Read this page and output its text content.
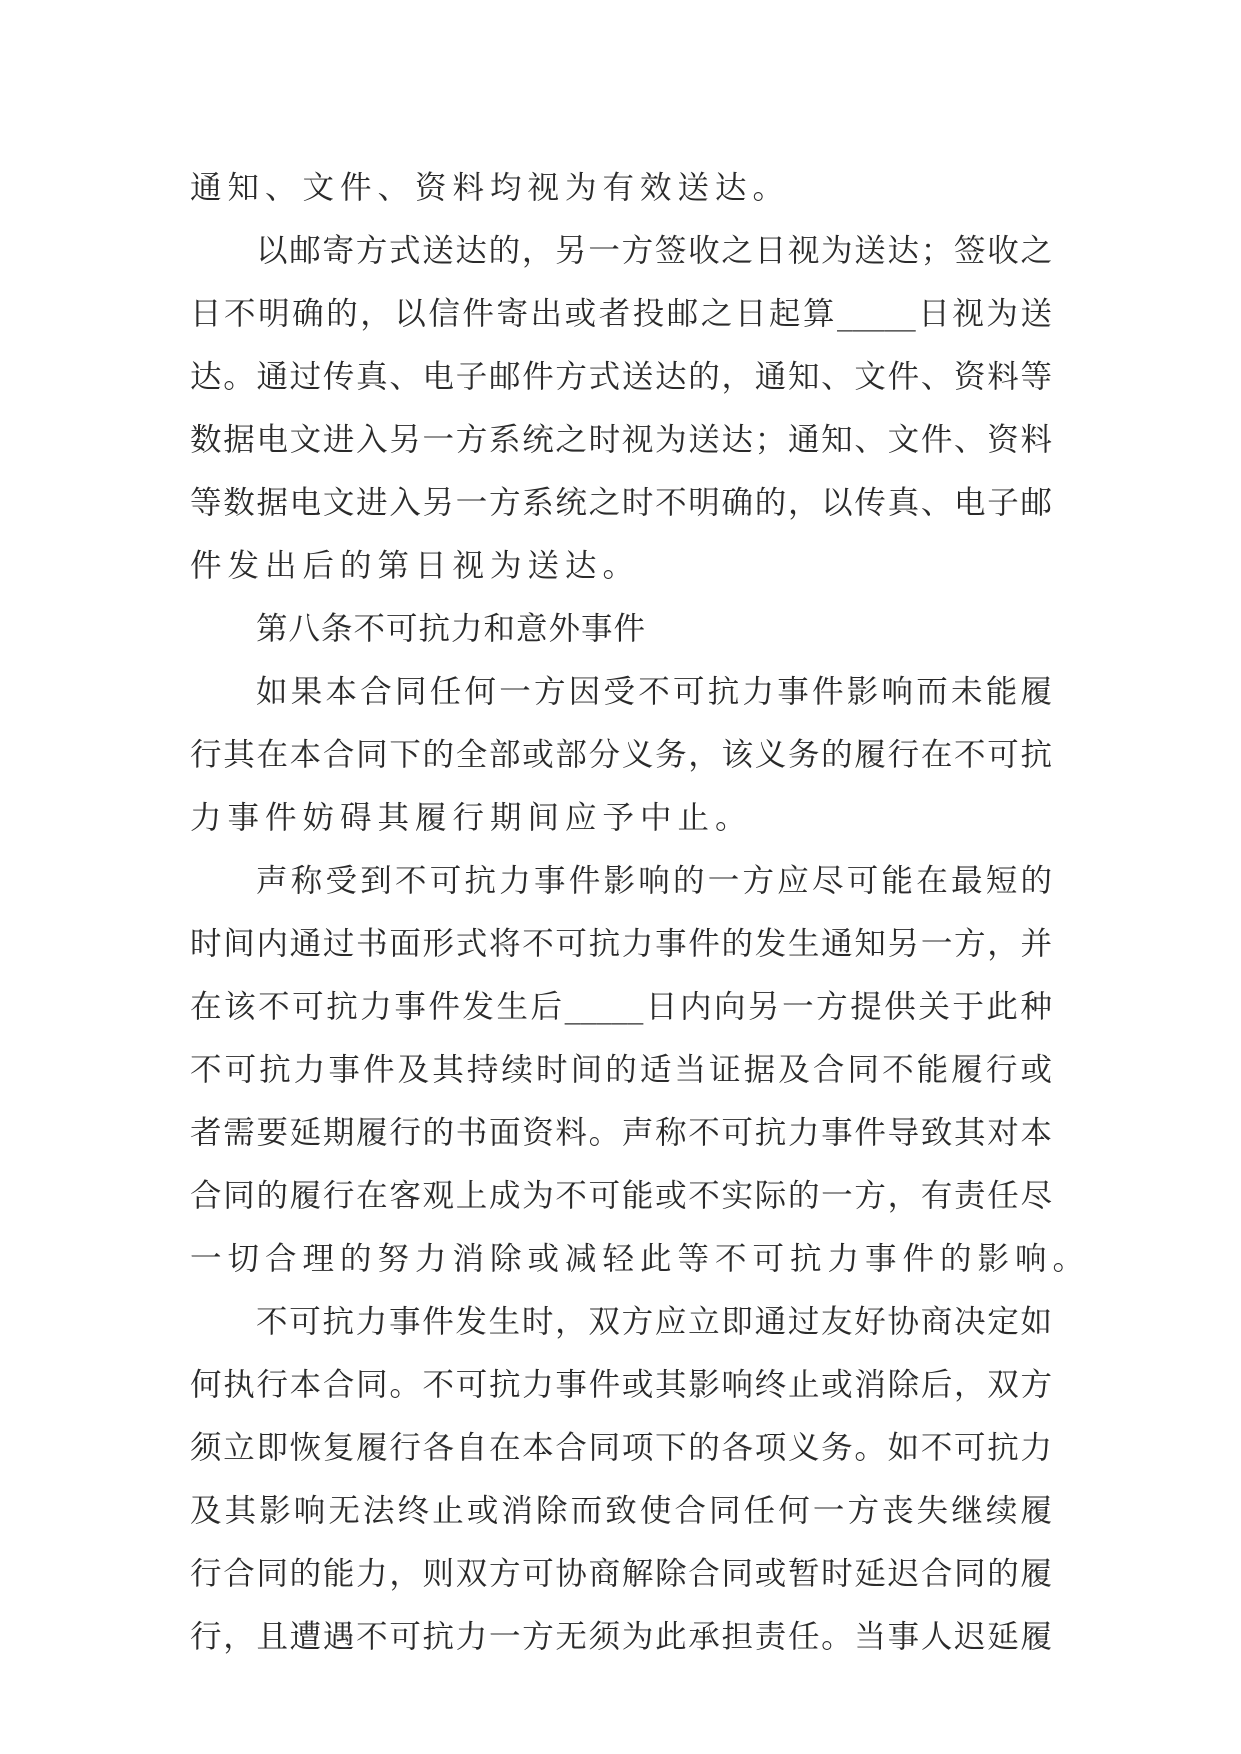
通知、文件、资料均视为有效送达。
以邮寄方式送达的，另一方签收之日视为送达；签收之
日不明确的，以信件寄出或者投邮之日起算_____日视为送
达。通过传真、电子邮件方式送达的，通知、文件、资料等
数据电文进入另一方系统之时视为送达；通知、文件、资料
等数据电文进入另一方系统之时不明确的，以传真、电子邮
件发出后的第日视为送达。
第八条不可抗力和意外事件
如果本合同任何一方因受不可抗力事件影响而未能履
行其在本合同下的全部或部分义务，该义务的履行在不可抗
力事件妨碍其履行期间应予中止。
声称受到不可抗力事件影响的一方应尽可能在最短的
时间内通过书面形式将不可抗力事件的发生通知另一方，并
在该不可抗力事件发生后_____日内向另一方提供关于此种
不可抗力事件及其持续时间的适当证据及合同不能履行或
者需要延期履行的书面资料。声称不可抗力事件导致其对本
合同的履行在客观上成为不可能或不实际的一方，有责任尽
一切合理的努力消除或减轻此等不可抗力事件的影响。
不可抗力事件发生时，双方应立即通过友好协商决定如
何执行本合同。不可抗力事件或其影响终止或消除后，双方
须立即恢复履行各自在本合同项下的各项义务。如不可抗力
及其影响无法终止或消除而致使合同任何一方丧失继续履
行合同的能力，则双方可协商解除合同或暂时延迟合同的履
行，且遭遇不可抗力一方无须为此承担责任。当事人迟延履
